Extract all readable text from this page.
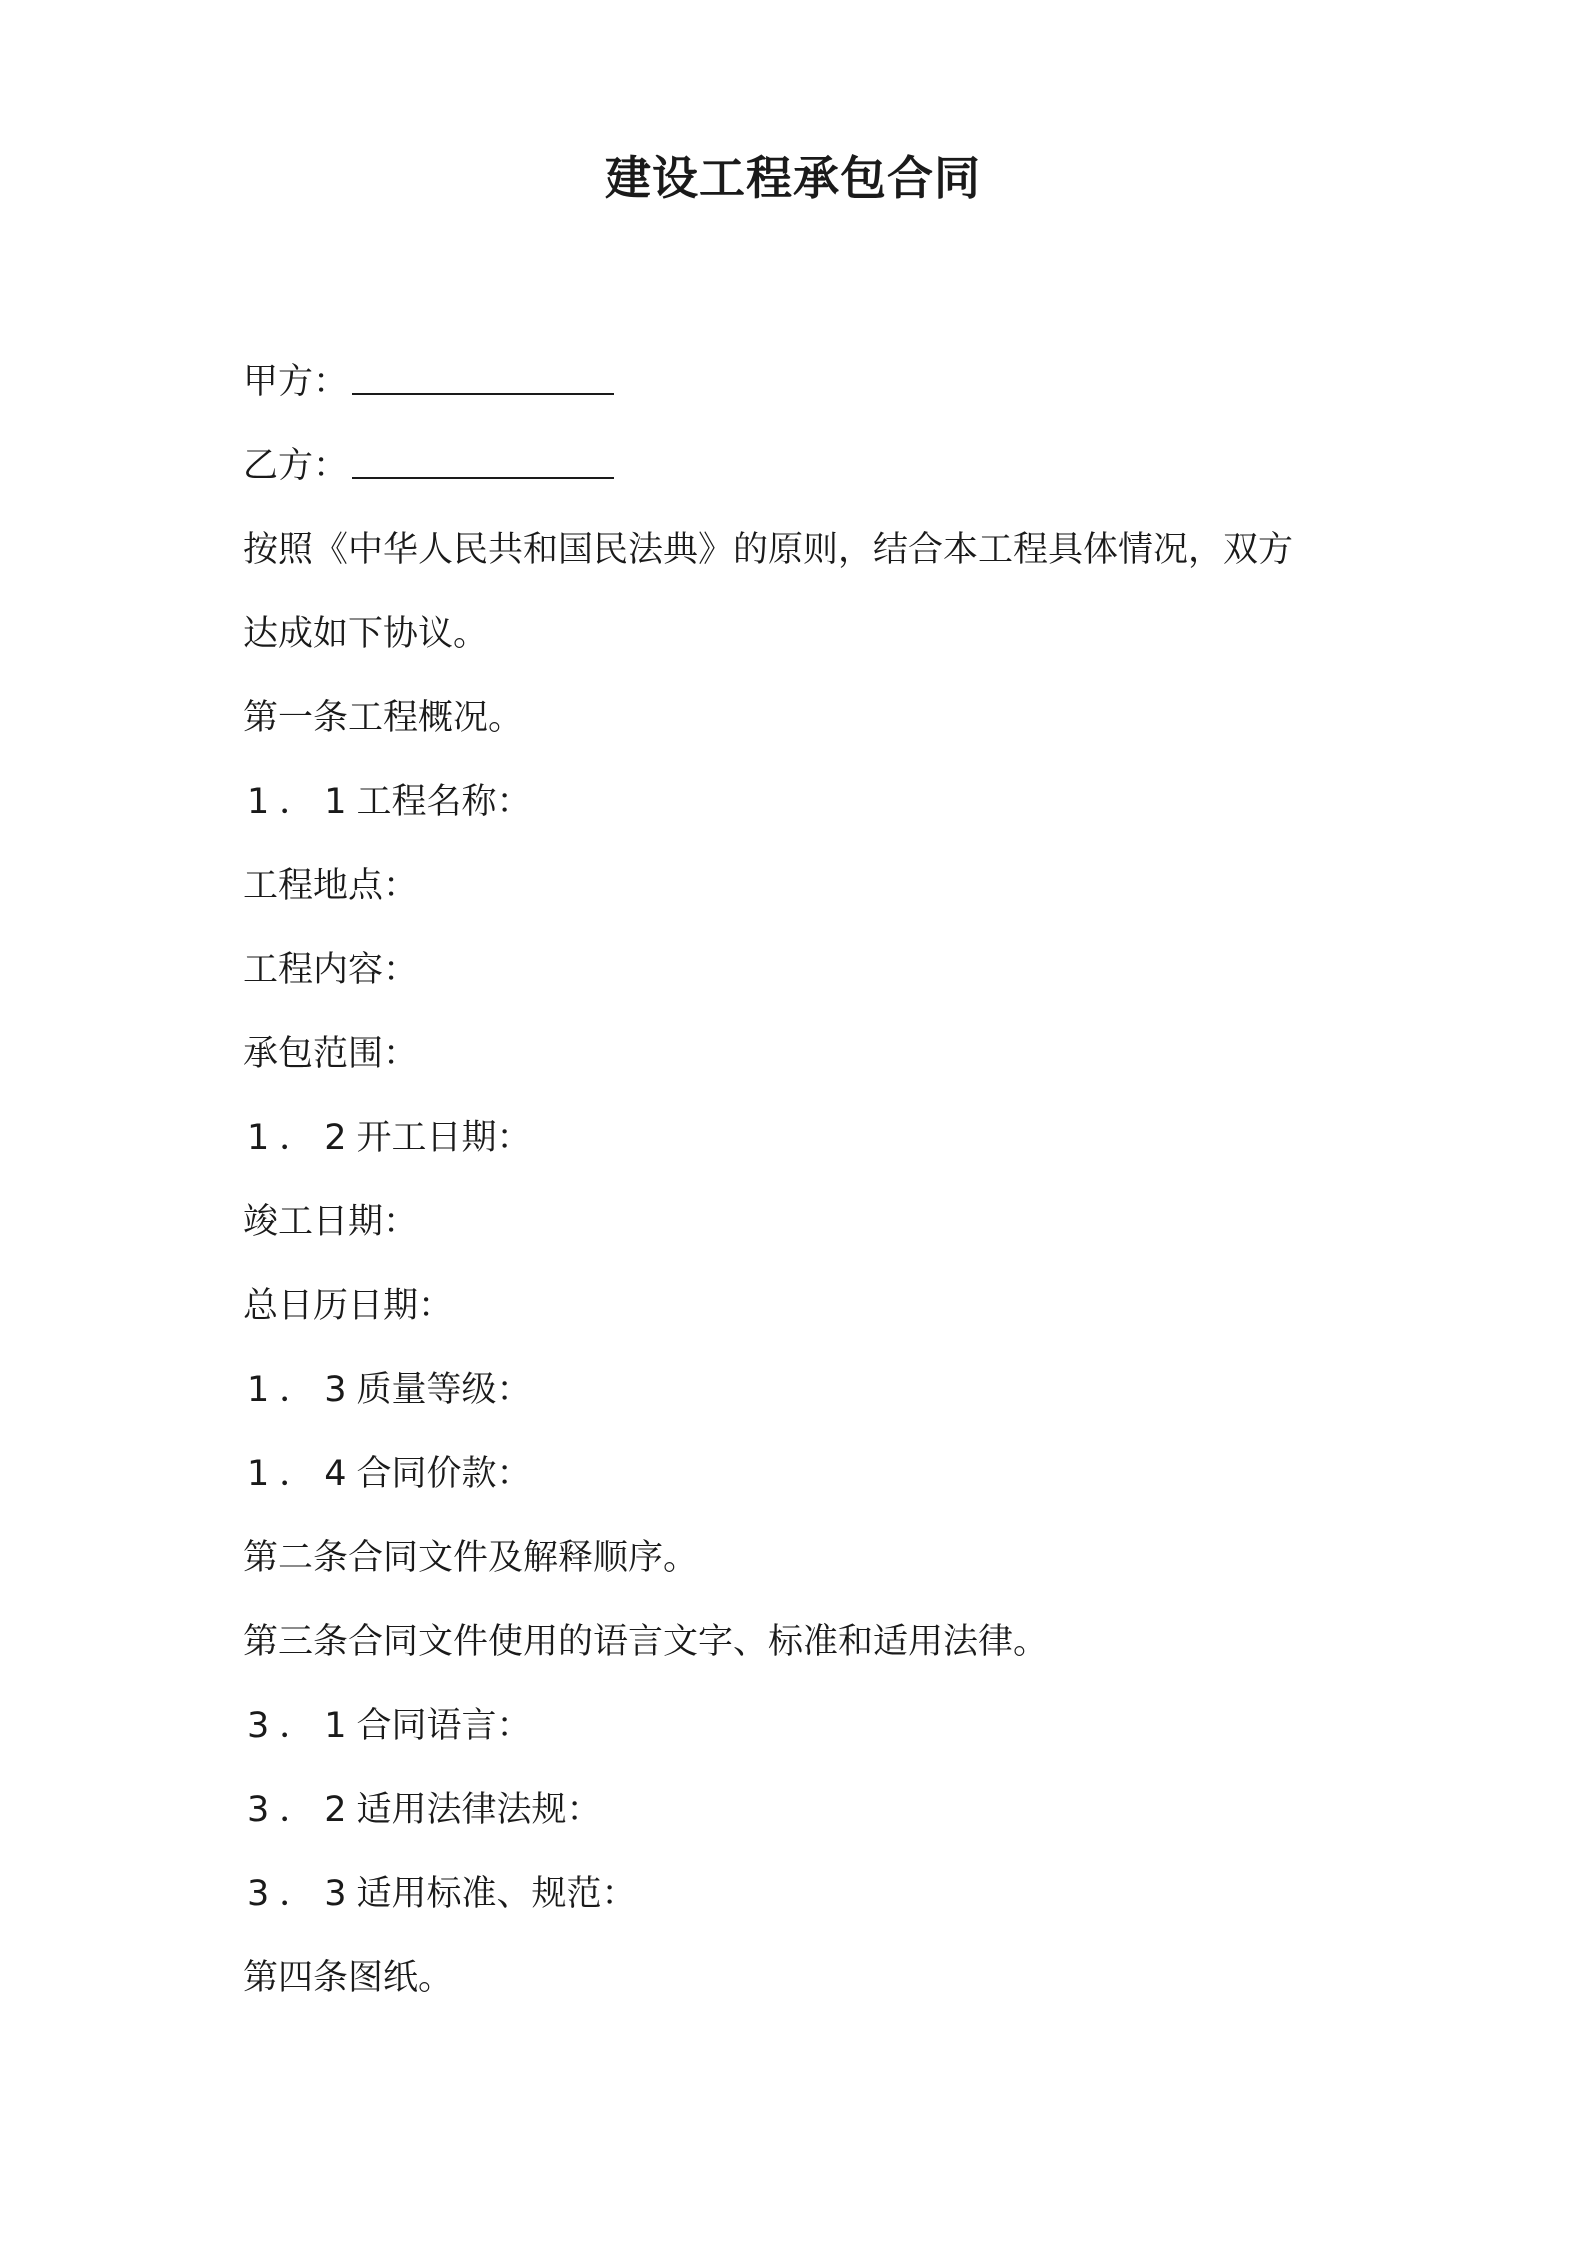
建设工程承包合同
甲方：
乙方：
按照《中华人民共和国民法典》的原则，结合本工程具体情况，双方
达成如下协议。
第一条工程概况。
1．1工程名称：
工程地点：
工程内容：
承包范围：
1．2开工日期：
竣工日期：
总日历日期：
1．3质量等级：
1．4合同价款：
第二条合同文件及解释顺序。
第三条合同文件使用的语言文字、标准和适用法律。
3．1合同语言：
3．2适用法律法规：
3．3适用标准、规范：
第四条图纸。
